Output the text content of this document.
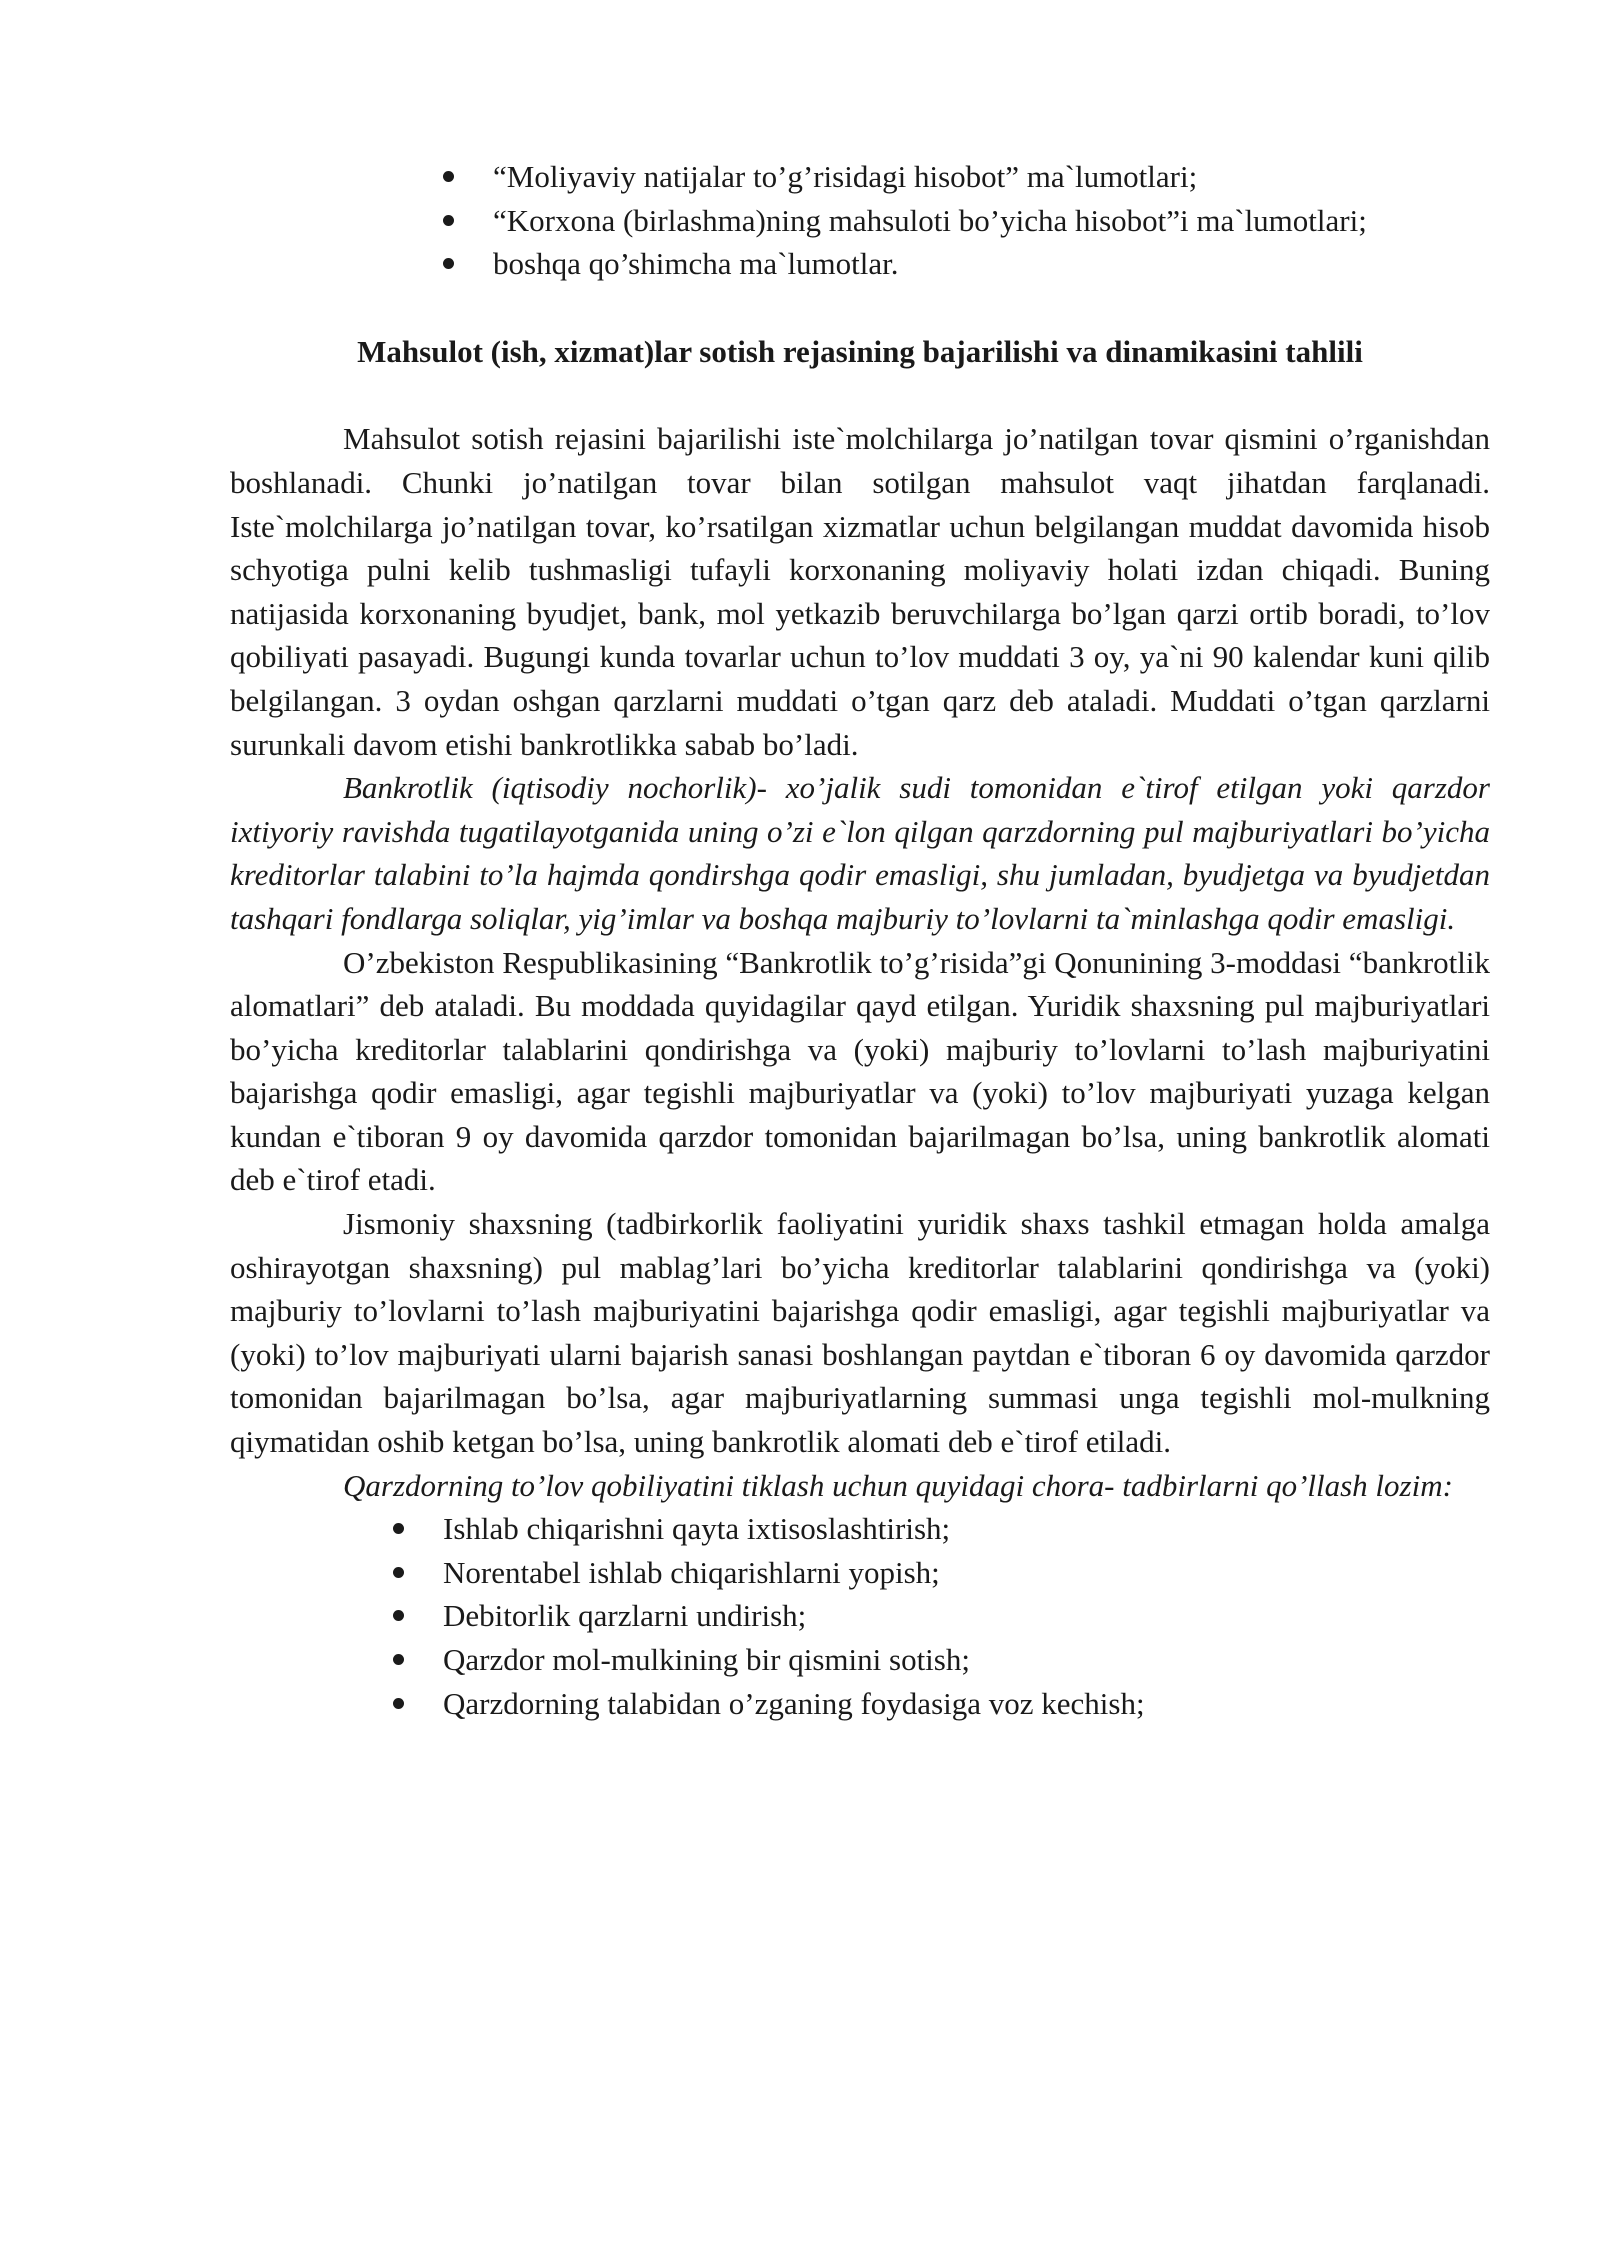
“Moliyaviy natijalar to’g’risidagi hisobot” ma`lumotlari;
“Korxona (birlashma)ning mahsuloti bo’yicha hisobot”i ma`lumotlari;
boshqa qo’shimcha ma`lumotlar.
Mahsulot (ish, xizmat)lar sotish rejasining bajarilishi va dinamikasini tahlili

Mahsulot sotish rejasini bajarilishi iste`molchilarga jo’natilgan tovar qismini o’rganishdan boshlanadi. Chunki jo’natilgan tovar bilan sotilgan mahsulot vaqt jihatdan farqlanadi. Iste`molchilarga jo’natilgan tovar, ko’rsatilgan xizmatlar uchun belgilangan muddat davomida hisob schyotiga pulni kelib tushmasligi tufayli korxonaning moliyaviy holati izdan chiqadi. Buning natijasida korxonaning byudjet, bank, mol yetkazib beruvchilarga bo’lgan qarzi ortib boradi, to’lov qobiliyati pasayadi. Bugungi kunda tovarlar uchun to’lov muddati 3 oy, ya`ni 90 kalendar kuni qilib belgilangan. 3 oydan oshgan qarzlarni muddati o’tgan qarz deb ataladi. Muddati o’tgan qarzlarni surunkali davom etishi bankrotlikka sabab bo’ladi.

Bankrotlik (iqtisodiy nochorlik)- xo’jalik sudi tomonidan e`tirof etilgan yoki qarzdor ixtiyoriy ravishda tugatilayotganida uning o’zi e`lon qilgan qarzdorning pul majburiyatlari bo’yicha kreditorlar talabini to’la hajmda qondirshga qodir emasligi, shu jumladan, byudjetga va byudjetdan tashqari fondlarga soliqlar, yig’imlar va boshqa majburiy to’lovlarni ta`minlashga qodir emasligi.

O’zbekiston Respublikasining “Bankrotlik to’g’risida”gi Qonunining 3-moddasi “bankrotlik alomatlari” deb ataladi. Bu moddada quyidagilar qayd etilgan. Yuridik shaxsning pul majburiyatlari bo’yicha kreditorlar talablarini qondirishga va (yoki) majburiy to’lovlarni to’lash majburiyatini bajarishga qodir emasligi, agar tegishli majburiyatlar va (yoki) to’lov majburiyati yuzaga kelgan kundan e`tiboran 9 oy davomida qarzdor tomonidan bajarilmagan bo’lsa, uning bankrotlik alomati deb e`tirof etadi.

Jismoniy shaxsning (tadbirkorlik faoliyatini yuridik shaxs tashkil etmagan holda amalga oshirayotgan shaxsning) pul mablag’lari bo’yicha kreditorlar talablarini qondirishga va (yoki) majburiy to’lovlarni to’lash majburiyatini bajarishga qodir emasligi, agar tegishli majburiyatlar va (yoki) to’lov majburiyati ularni bajarish sanasi boshlangan paytdan e`tiboran 6 oy davomida qarzdor tomonidan bajarilmagan bo’lsa, agar majburiyatlarning summasi unga tegishli mol-mulkning qiymatidan oshib ketgan bo’lsa, uning bankrotlik alomati deb e`tirof etiladi.

Qarzdorning to’lov qobiliyatini tiklash uchun quyidagi chora- tadbirlarni qo’llash lozim:

Ishlab chiqarishni qayta ixtisoslashtirish;
Norentabel ishlab chiqarishlarni yopish;
Debitorlik qarzlarni undirish;
Qarzdor mol-mulkining bir qismini sotish;
Qarzdorning talabidan o’zganing foydasiga voz kechish;
